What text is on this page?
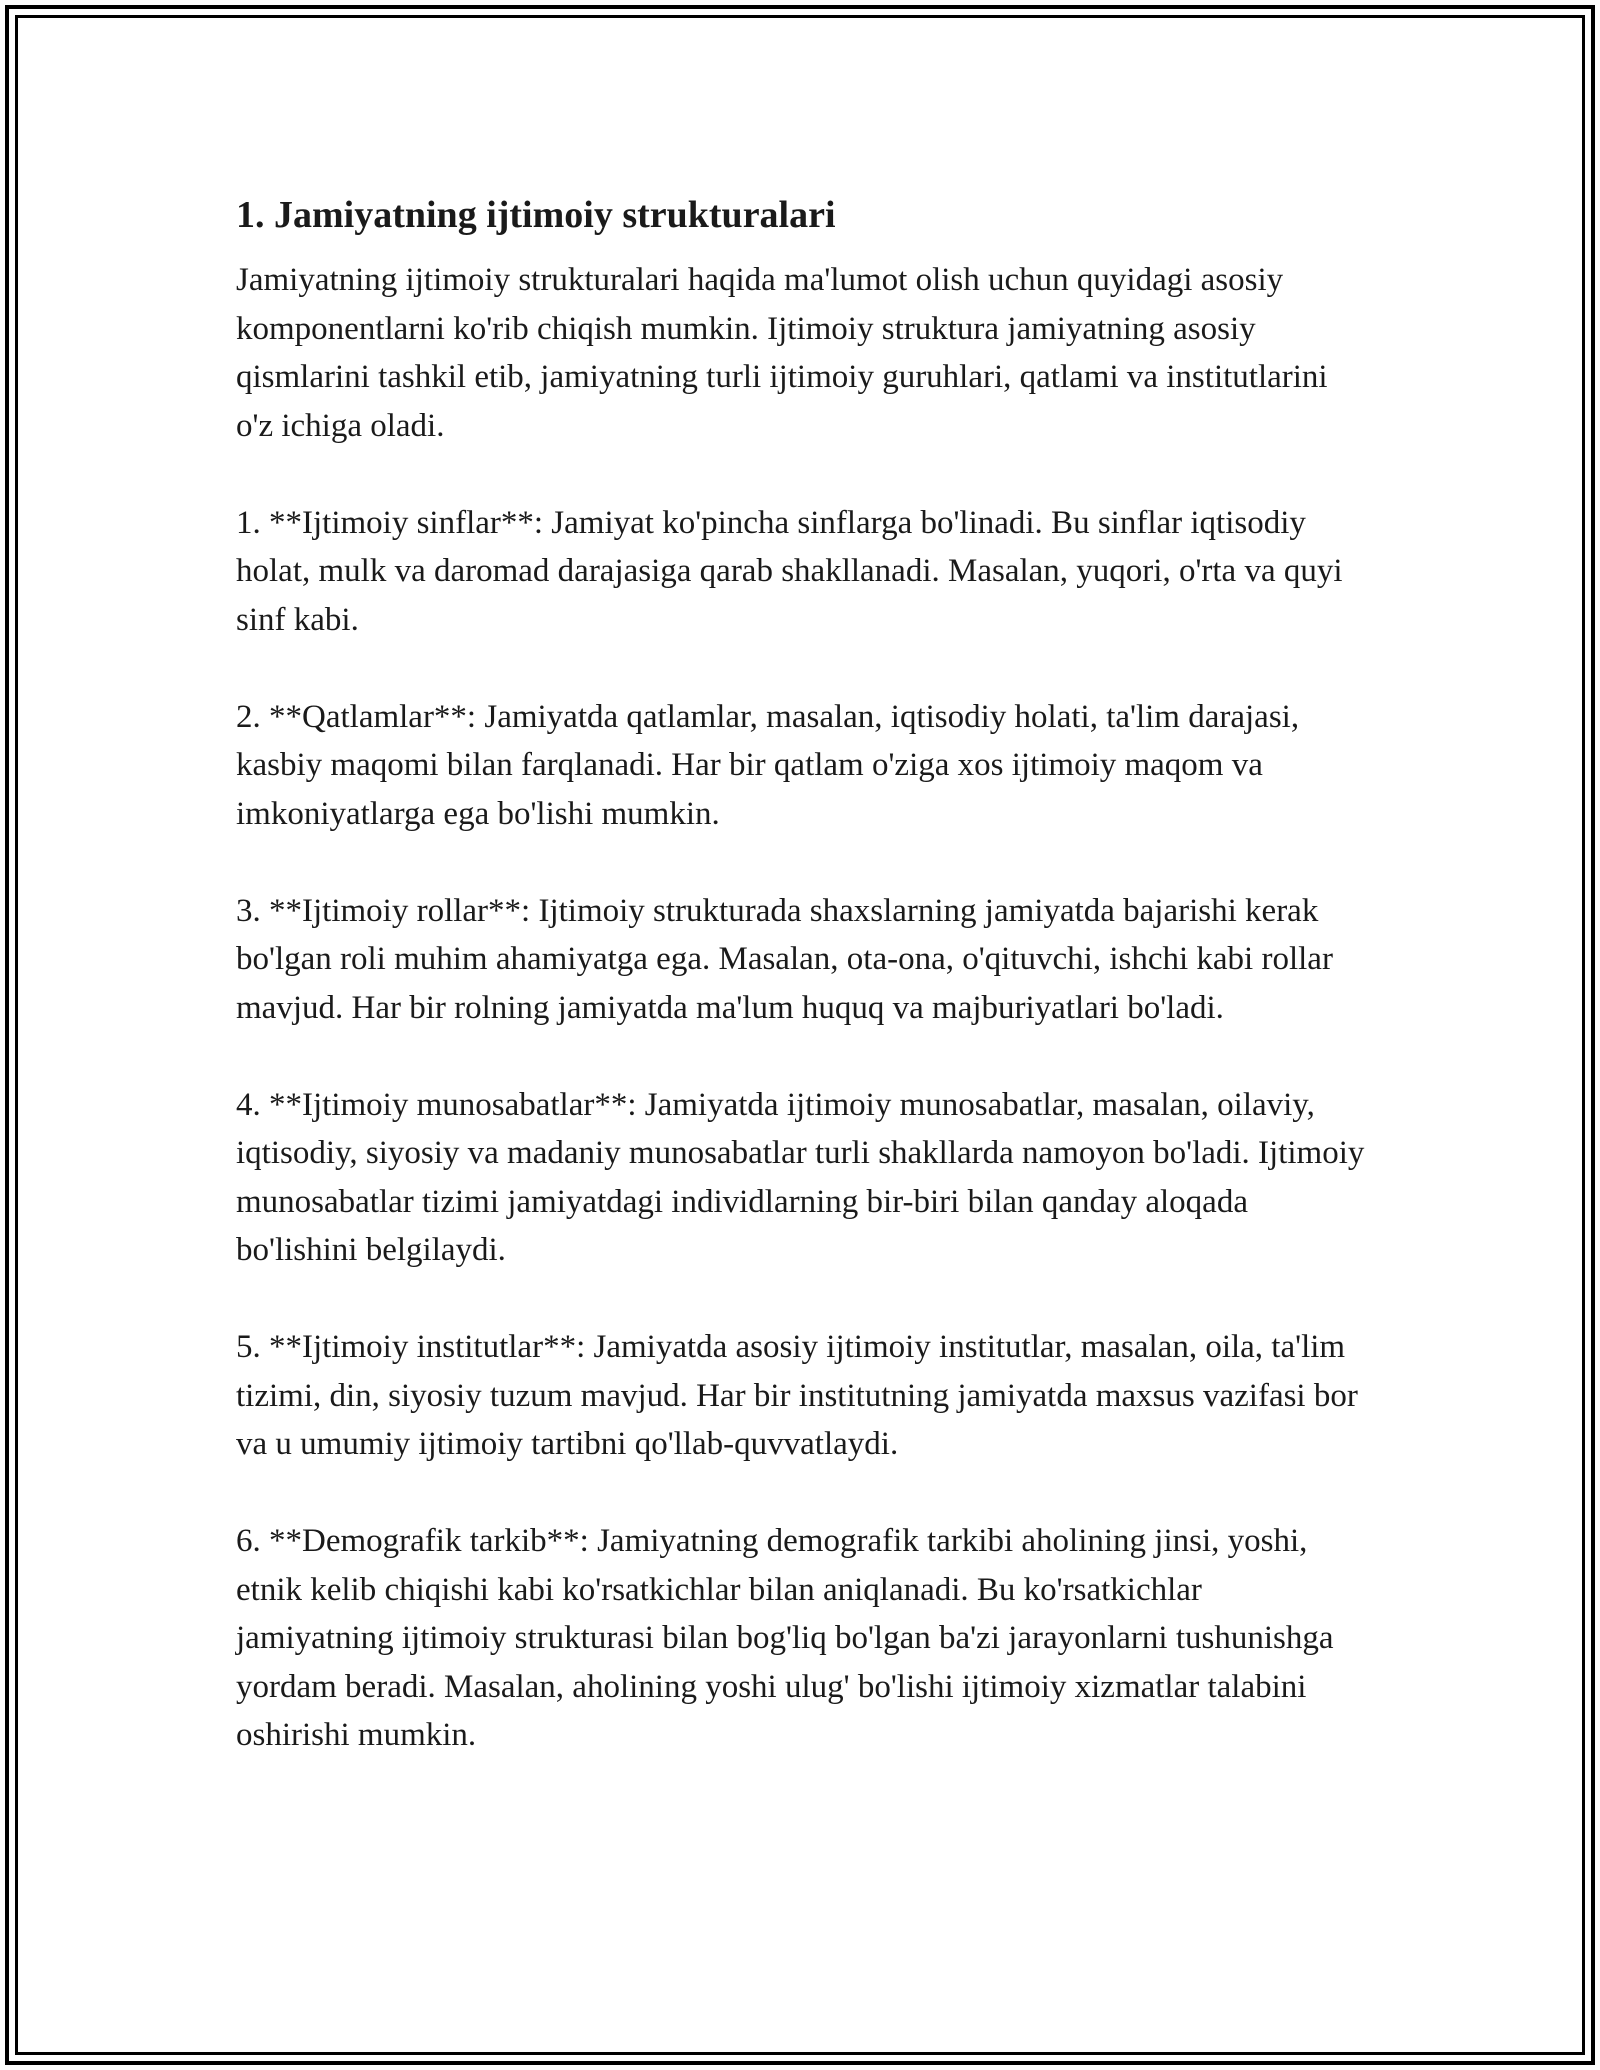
1. Jamiyatning ijtimoiy strukturalari

Jamiyatning ijtimoiy strukturalari haqida ma'lumot olish uchun quyidagi asosiy komponentlarni ko'rib chiqish mumkin. Ijtimoiy struktura jamiyatning asosiy qismlarini tashkil etib, jamiyatning turli ijtimoiy guruhlari, qatlami va institutlarini o'z ichiga oladi.

1. **Ijtimoiy sinflar**: Jamiyat ko'pincha sinflarga bo'linadi. Bu sinflar iqtisodiy holat, mulk va daromad darajasiga qarab shakllanadi. Masalan, yuqori, o'rta va quyi sinf kabi.

2. **Qatlamlar**: Jamiyatda qatlamlar, masalan, iqtisodiy holati, ta'lim darajasi, kasbiy maqomi bilan farqlanadi. Har bir qatlam o'ziga xos ijtimoiy maqom va imkoniyatlarga ega bo'lishi mumkin.

3. **Ijtimoiy rollar**: Ijtimoiy strukturada shaxslarning jamiyatda bajarishi kerak bo'lgan roli muhim ahamiyatga ega. Masalan, ota-ona, o'qituvchi, ishchi kabi rollar mavjud. Har bir rolning jamiyatda ma'lum huquq va majburiyatlari bo'ladi.

4. **Ijtimoiy munosabatlar**: Jamiyatda ijtimoiy munosabatlar, masalan, oilaviy, iqtisodiy, siyosiy va madaniy munosabatlar turli shakllarda namoyon bo'ladi. Ijtimoiy munosabatlar tizimi jamiyatdagi individlarning bir-biri bilan qanday aloqada bo'lishini belgilaydi.

5. **Ijtimoiy institutlar**: Jamiyatda asosiy ijtimoiy institutlar, masalan, oila, ta'lim tizimi, din, siyosiy tuzum mavjud. Har bir institutning jamiyatda maxsus vazifasi bor va u umumiy ijtimoiy tartibni qo'llab-quvvatlaydi.

6. **Demografik tarkib**: Jamiyatning demografik tarkibi aholining jinsi, yoshi, etnik kelib chiqishi kabi ko'rsatkichlar bilan aniqlanadi. Bu ko'rsatkichlar jamiyatning ijtimoiy strukturasi bilan bog'liq bo'lgan ba'zi jarayonlarni tushunishga yordam beradi. Masalan, aholining yoshi ulug' bo'lishi ijtimoiy xizmatlar talabini oshirishi mumkin.
